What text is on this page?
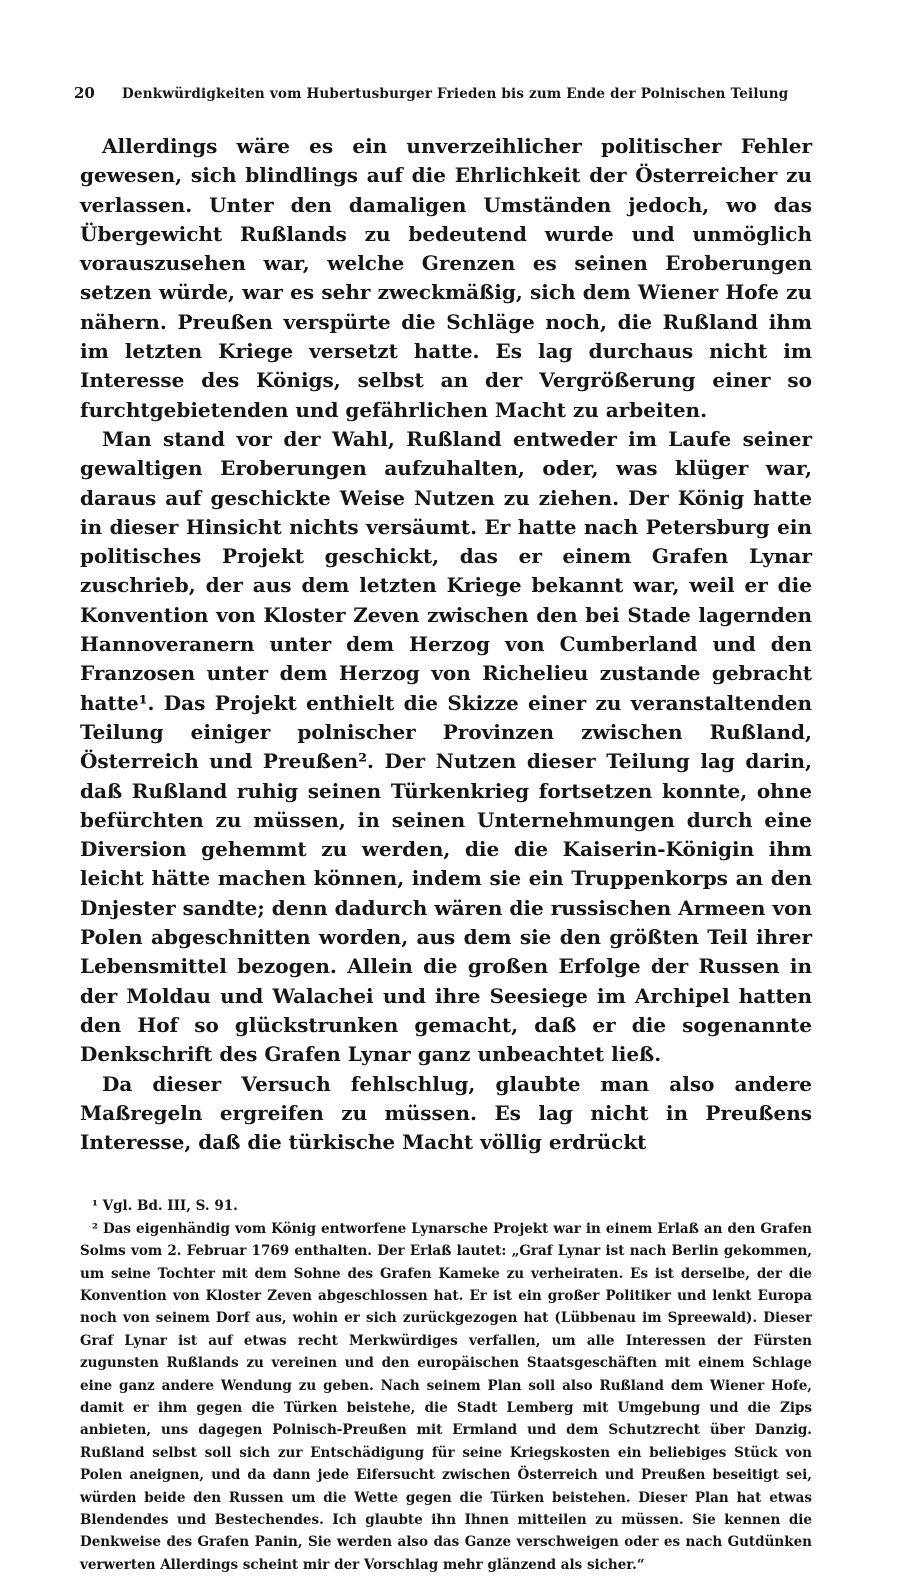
20	Denkwürdigkeiten vom Hubertusburger Frieden bis zum Ende der Polnischen Teilung

Allerdings wäre es ein unverzeihlicher politischer Fehler gewesen, sich blindlings auf die Ehrlichkeit der Österreicher zu verlassen. Unter den damaligen Umständen jedoch, wo das Übergewicht Rußlands zu bedeutend wurde und unmöglich vorauszusehen war, welche Grenzen es seinen Eroberungen setzen würde, war es sehr zweckmäßig, sich dem Wiener Hofe zu nähern. Preußen verspürte die Schläge noch, die Rußland ihm im letzten Kriege versetzt hatte. Es lag durchaus nicht im Interesse des Königs, selbst an der Vergrößerung einer so furchtgebietenden und gefährlichen Macht zu arbeiten.

Man stand vor der Wahl, Rußland entweder im Laufe seiner gewaltigen Eroberungen aufzuhalten, oder, was klüger war, daraus auf geschickte Weise Nutzen zu ziehen. Der König hatte in dieser Hinsicht nichts versäumt. Er hatte nach Petersburg ein politisches Projekt geschickt, das er einem Grafen Lynar zuschrieb, der aus dem letzten Kriege bekannt war, weil er die Konvention von Kloster Zeven zwischen den bei Stade lagernden Hannoveranern unter dem Herzog von Cumberland und den Franzosen unter dem Herzog von Richelieu zustande gebracht hatte¹. Das Projekt enthielt die Skizze einer zu veranstaltenden Teilung einiger polnischer Provinzen zwischen Rußland, Österreich und Preußen². Der Nutzen dieser Teilung lag darin, daß Rußland ruhig seinen Türkenkrieg fortsetzen konnte, ohne befürchten zu müssen, in seinen Unternehmungen durch eine Diversion gehemmt zu werden, die die Kaiserin-Königin ihm leicht hätte machen können, indem sie ein Truppenkorps an den Dnjester sandte; denn dadurch wären die russischen Armeen von Polen abgeschnitten worden, aus dem sie den größten Teil ihrer Lebensmittel bezogen. Allein die großen Erfolge der Russen in der Moldau und Walachei und ihre Seesiege im Archipel hatten den Hof so glückstrunken gemacht, daß er die sogenannte Denkschrift des Grafen Lynar ganz unbeachtet ließ.

Da dieser Versuch fehlschlug, glaubte man also andere Maßregeln ergreifen zu müssen. Es lag nicht in Preußens Interesse, daß die türkische Macht völlig erdrückt

¹ Vgl. Bd. III, S. 91.

² Das eigenhändig vom König entworfene Lynarsche Projekt war in einem Erlaß an den Grafen Solms vom 2. Februar 1769 enthalten. Der Erlaß lautet: „Graf Lynar ist nach Berlin gekommen, um seine Tochter mit dem Sohne des Grafen Kameke zu verheiraten. Es ist derselbe, der die Konvention von Kloster Zeven abgeschlossen hat. Er ist ein großer Politiker und lenkt Europa noch von seinem Dorf aus, wohin er sich zurückgezogen hat (Lübbenau im Spreewald). Dieser Graf Lynar ist auf etwas recht Merkwürdiges verfallen, um alle Interessen der Fürsten zugunsten Rußlands zu vereinen und den europäischen Staatsgeschäften mit einem Schlage eine ganz andere Wendung zu geben. Nach seinem Plan soll also Rußland dem Wiener Hofe, damit er ihm gegen die Türken beistehe, die Stadt Lemberg mit Umgebung und die Zips anbieten, uns dagegen Polnisch-Preußen mit Ermland und dem Schutzrecht über Danzig. Rußland selbst soll sich zur Entschädigung für seine Kriegskosten ein beliebiges Stück von Polen aneignen, und da dann jede Eifersucht zwischen Österreich und Preußen beseitigt sei, würden beide den Russen um die Wette gegen die Türken beistehen. Dieser Plan hat etwas Blendendes und Bestechendes. Ich glaubte ihn Ihnen mitteilen zu müssen. Sie kennen die Denkweise des Grafen Panin, Sie werden also das Ganze verschweigen oder es nach Gutdünken verwerten Allerdings scheint mir der Vorschlag mehr glänzend als sicher.“
